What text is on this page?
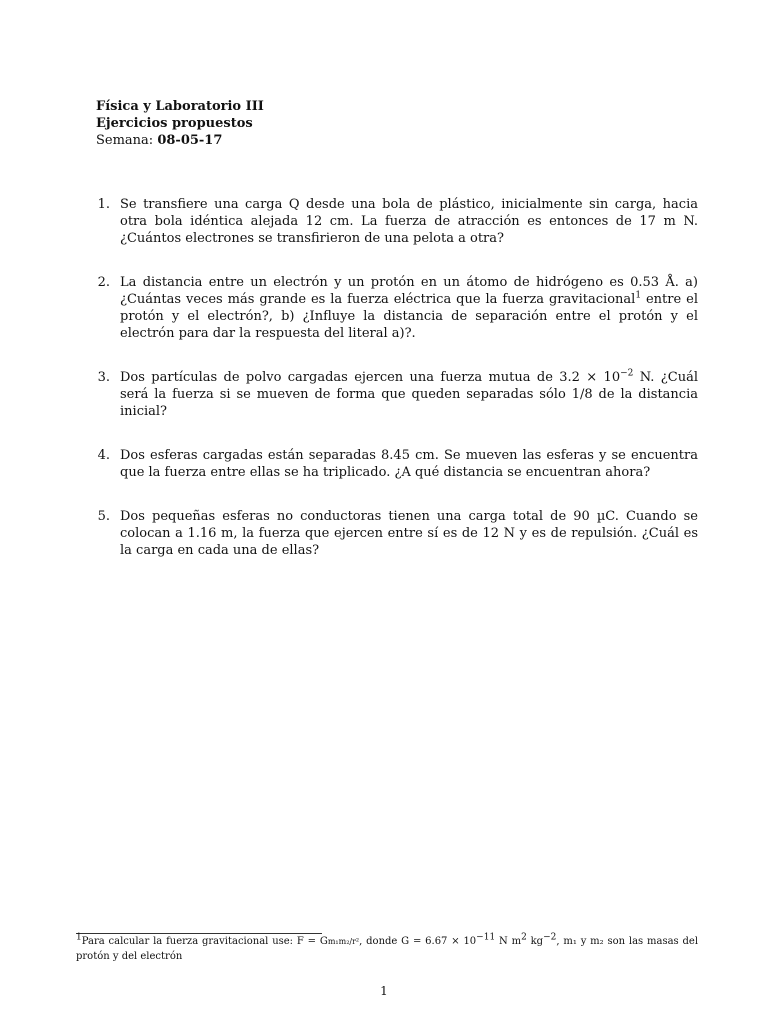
Física y Laboratorio III
Ejercicios propuestos
Semana: 08-05-17
1. Se transfiere una carga Q desde una bola de plástico, inicialmente sin carga, hacia otra bola idéntica alejada 12 cm. La fuerza de atracción es entonces de 17 m N. ¿Cuántos electrones se transfirieron de una pelota a otra?
2. La distancia entre un electrón y un protón en un átomo de hidrógeno es 0.53 Å. a) ¿Cuántas veces más grande es la fuerza eléctrica que la fuerza gravitacional$^1$ entre el protón y el electrón?, b) ¿Influye la distancia de separación entre el protón y el electrón para dar la respuesta del literal a)?.
3. Dos partículas de polvo cargadas ejercen una fuerza mutua de $3.2 \times 10^{-2}$ N. ¿Cuál será la fuerza si se mueven de forma que queden separadas sólo 1/8 de la distancia inicial?
4. Dos esferas cargadas están separadas 8.45 cm. Se mueven las esferas y se encuentra que la fuerza entre ellas se ha triplicado. ¿A qué distancia se encuentran ahora?
5. Dos pequeñas esferas no conductoras tienen una carga total de 90 µC. Cuando se colocan a 1.16 m, la fuerza que ejercen entre sí es de 12 N y es de repulsión. ¿Cuál es la carga en cada una de ellas?
$^1$Para calcular la fuerza gravitacional use: F = Gm₁m₂/r², donde $G = 6.67 \times 10^{-11}$ N $m^2$ $kg^{-2}$, m₁ y m₂ son las masas del protón y del electrón
1
